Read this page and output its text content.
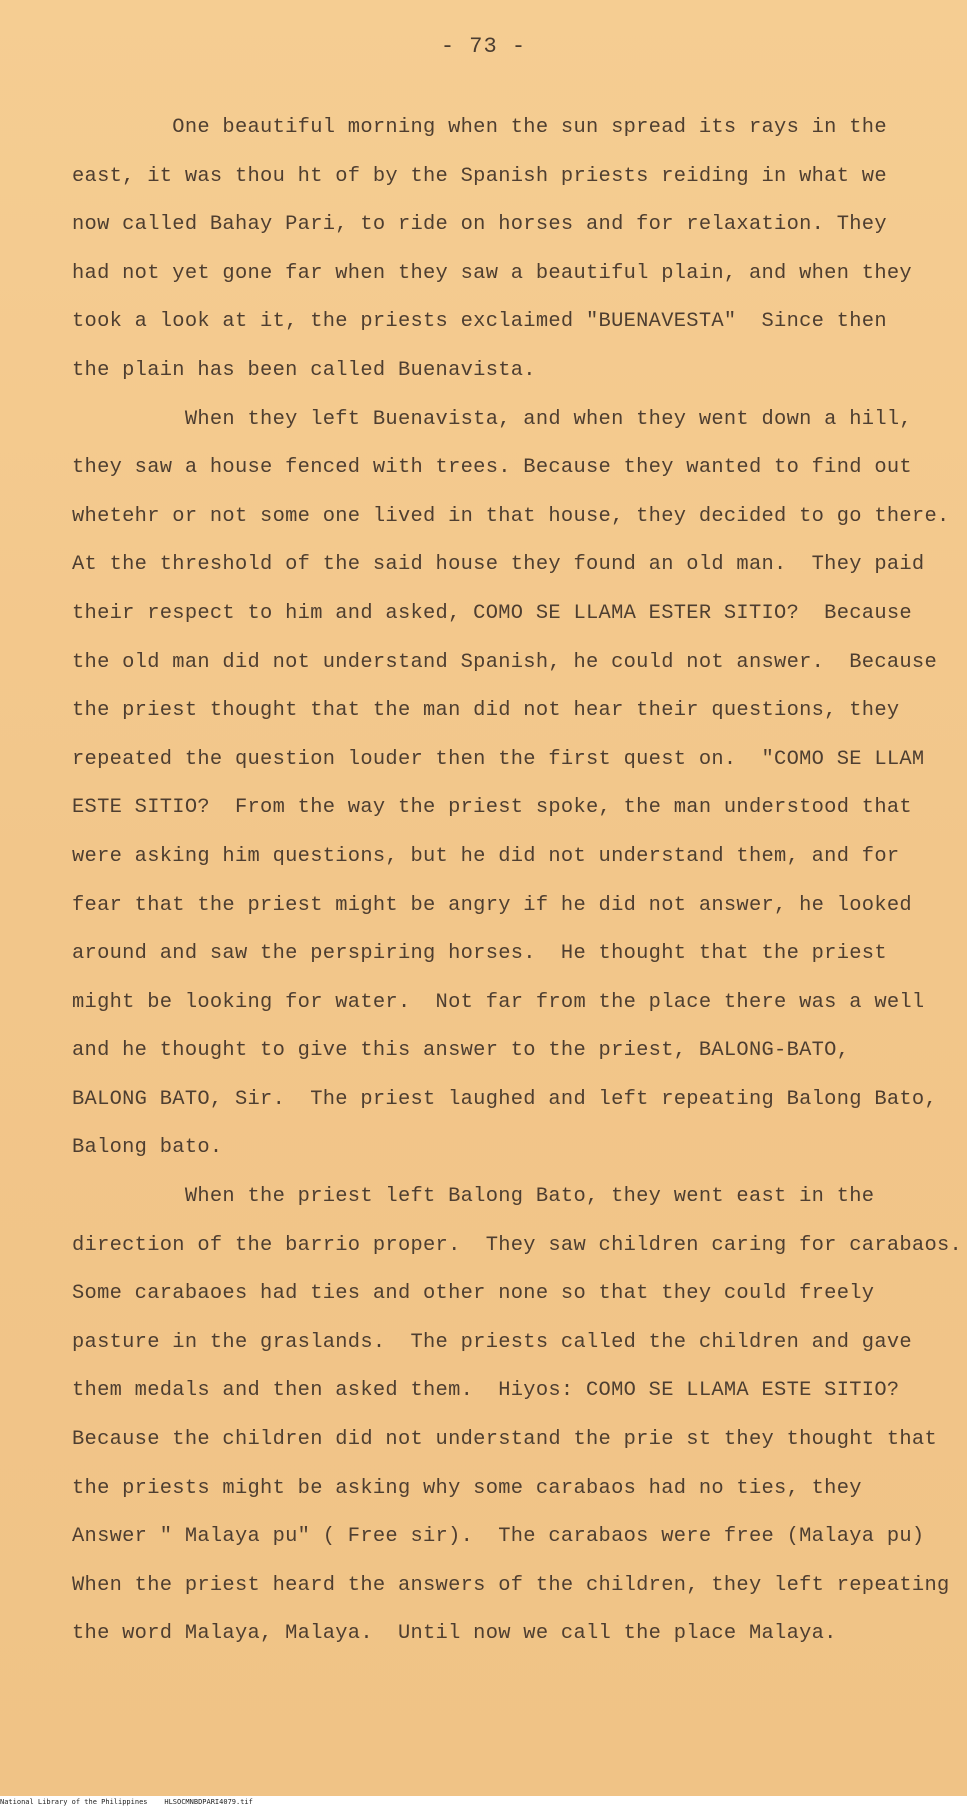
- 73 -
One beautiful morning when the sun spread its rays in the
east, it was thou ht of by the Spanish priests reiding in what we
now called Bahay Pari, to ride on horses and for relaxation. They
had not yet gone far when they saw a beautiful plain, and when they
took a look at it, the priests exclaimed "BUENAVESTA"  Since then
the plain has been called Buenavista.
When they left Buenavista, and when they went down a hill,
they saw a house fenced with trees. Because they wanted to find out
whetehr or not some one lived in that house, they decided to go there.
At the threshold of the said house they found an old man.  They paid
their respect to him and asked, COMO SE LLAMA ESTER SITIO?  Because
the old man did not understand Spanish, he could not answer.  Because
the priest thought that the man did not hear their questions, they
repeated the question louder then the first quest on.  "COMO SE LLAM
ESTE SITIO?  From the way the priest spoke, the man understood that
were asking him questions, but he did not understand them, and for
fear that the priest might be angry if he did not answer, he looked
around and saw the perspiring horses.  He thought that the priest
might be looking for water.  Not far from the place there was a well
and he thought to give this answer to the priest, BALONG-BATO,
BALONG BATO, Sir.  The priest laughed and left repeating Balong Bato,
Balong bato.
When the priest left Balong Bato, they went east in the
direction of the barrio proper.  They saw children caring for carabaos.
Some carabaoes had ties and other none so that they could freely
pasture in the graslands.  The priests called the children and gave
them medals and then asked them.  Hiyos: COMO SE LLAMA ESTE SITIO?
Because the children did not understand the prie st they thought that
the priests might be asking why some carabaos had no ties, they
Answer " Malaya pu" ( Free sir).  The carabaos were free (Malaya pu)
When the priest heard the answers of the children, they left repeating
the word Malaya, Malaya.  Until now we call the place Malaya.
National Library of the Philippines    HLSOCMNBDPARI4079.tif
